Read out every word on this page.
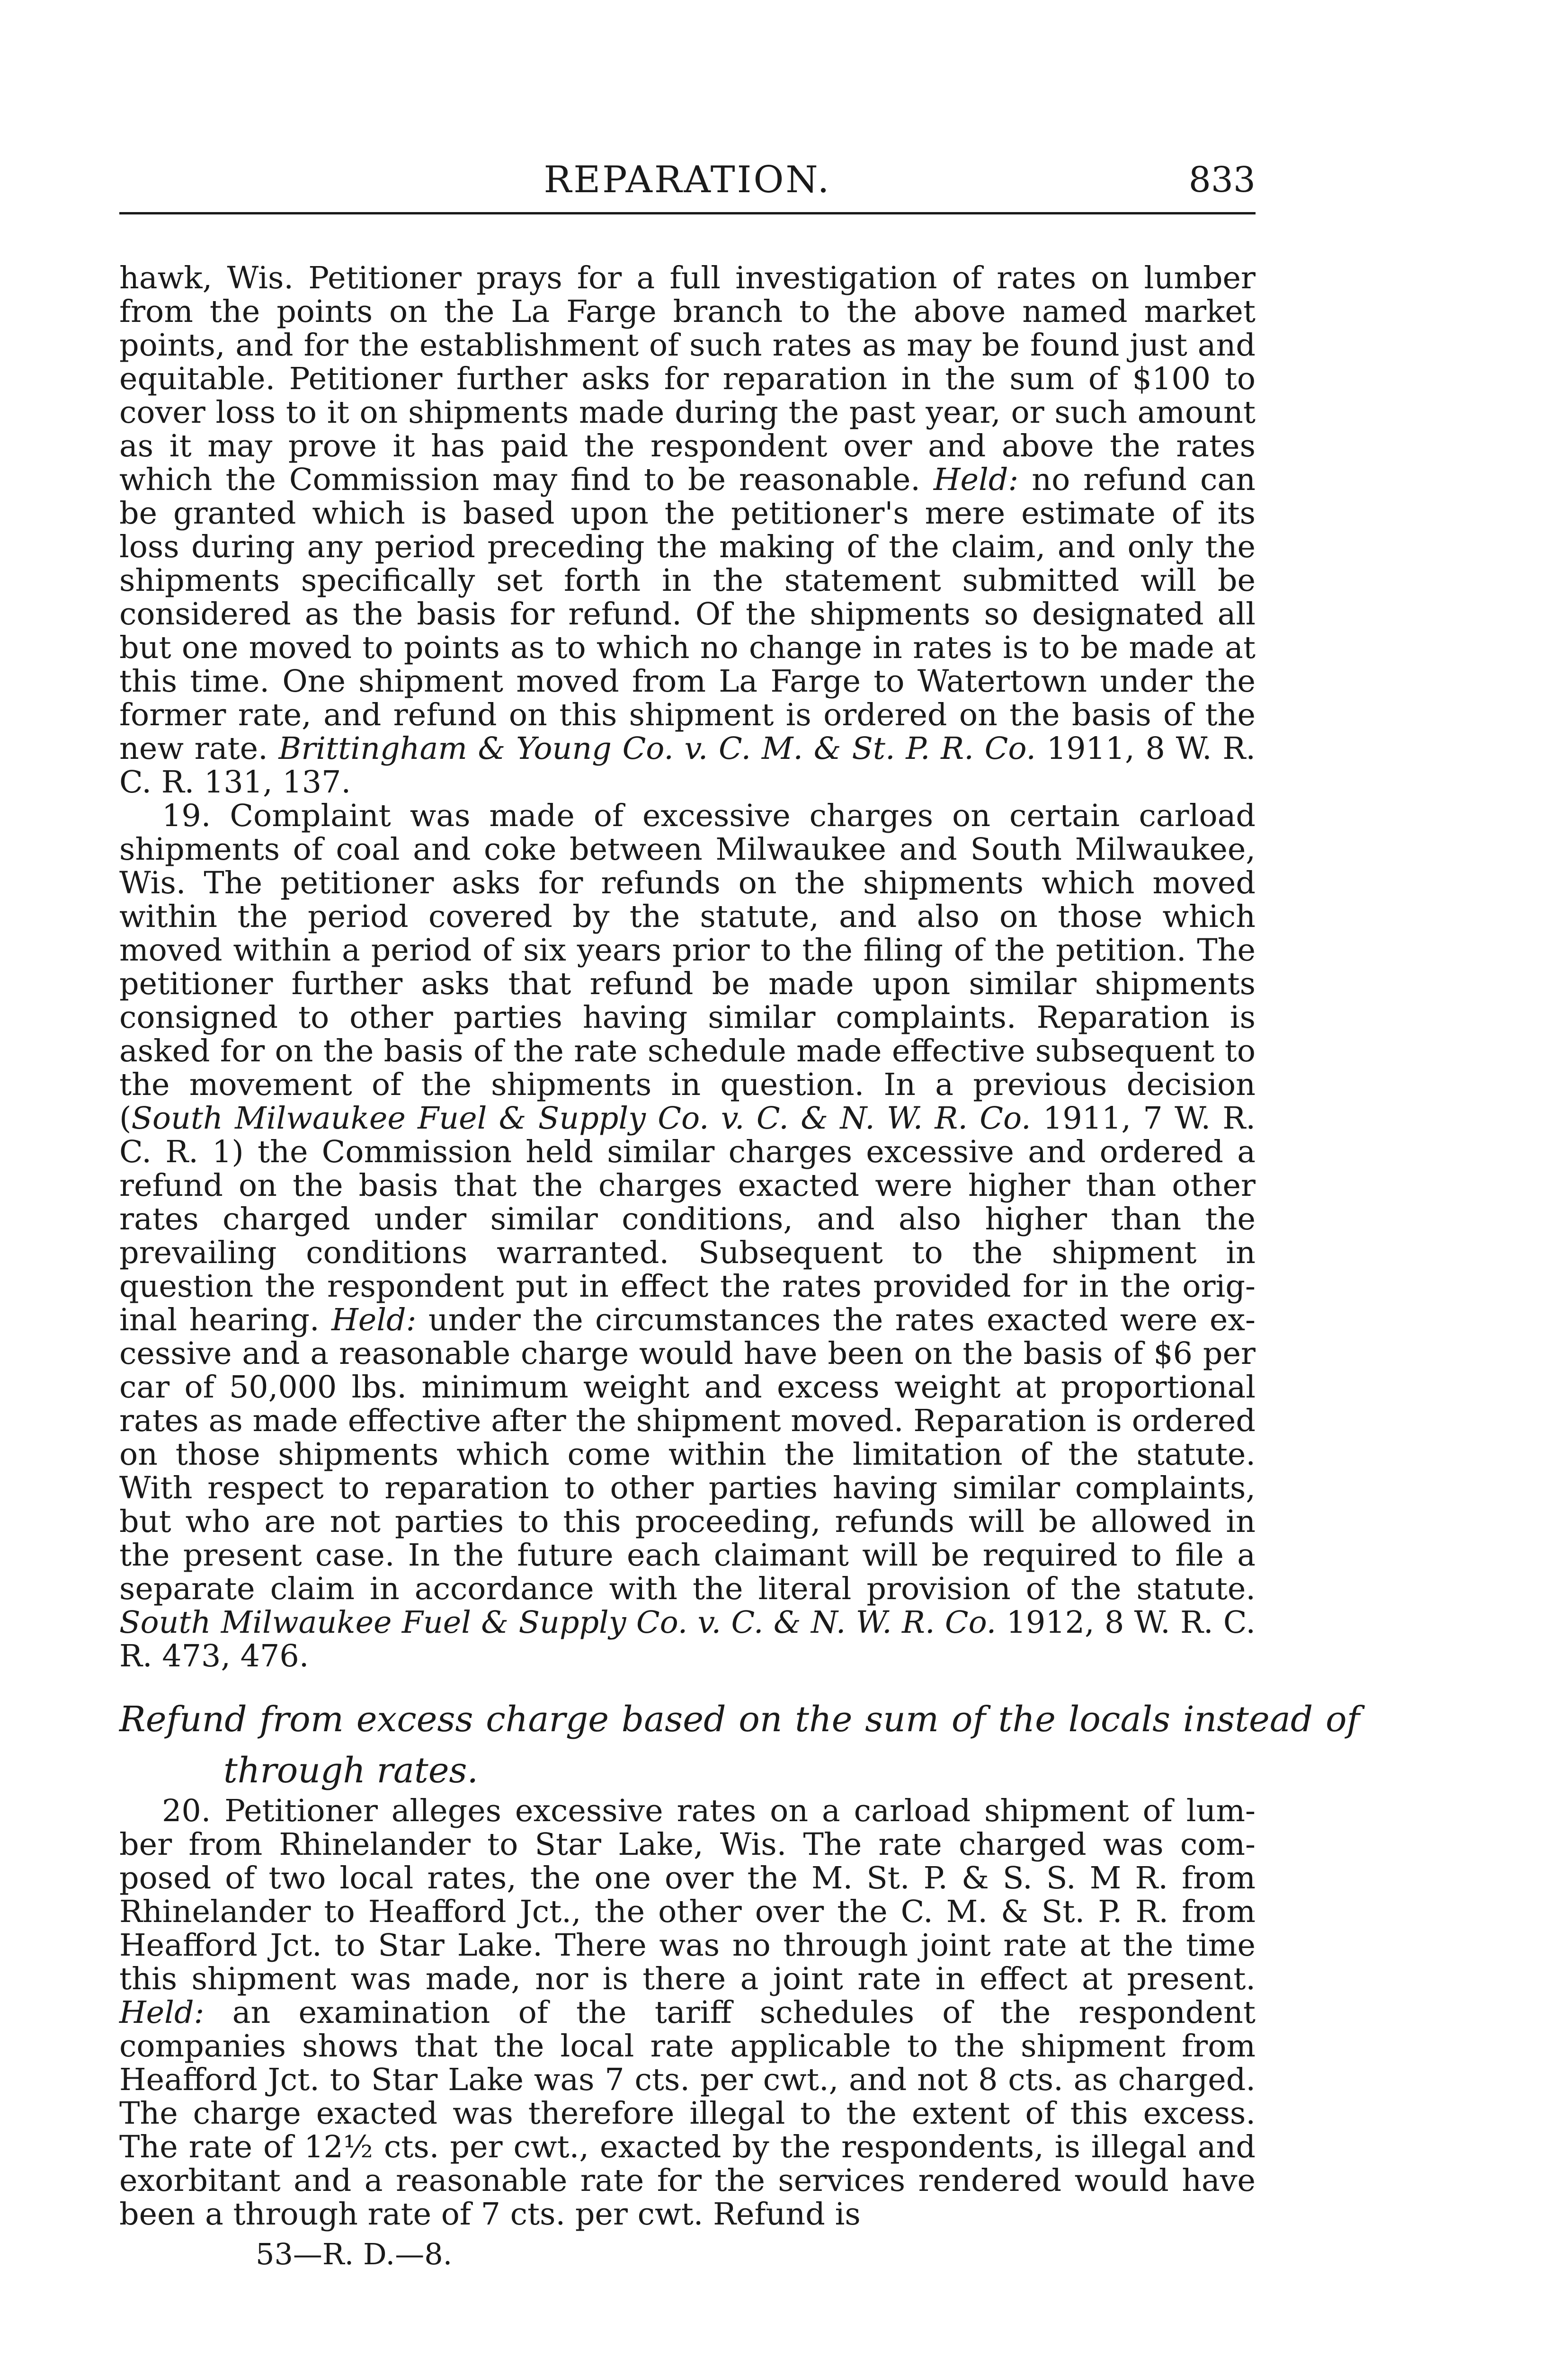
REPARATION.	833

hawk, Wis. Petitioner prays for a full investigation of rates on lumber from the points on the La Farge branch to the above named market points, and for the establishment of such rates as may be found just and equitable. Petitioner further asks for reparation in the sum of $100 to cover loss to it on shipments made during the past year, or such amount as it may prove it has paid the respondent over and above the rates which the Commission may find to be reasonable. Held: no refund can be granted which is based upon the petitioner's mere estimate of its loss during any period preceding the making of the claim, and only the shipments specifically set forth in the statement submitted will be considered as the basis for refund. Of the shipments so designated all but one moved to points as to which no change in rates is to be made at this time. One shipment moved from La Farge to Watertown under the former rate, and refund on this shipment is ordered on the basis of the new rate. Brittingham & Young Co. v. C. M. & St. P. R. Co. 1911, 8 W. R. C. R. 131, 137.

19. Complaint was made of excessive charges on certain carload shipments of coal and coke between Milwaukee and South Milwaukee, Wis. The petitioner asks for refunds on the shipments which moved within the period covered by the statute, and also on those which moved within a period of six years prior to the filing of the petition. The petitioner further asks that refund be made upon similar shipments consigned to other parties having similar complaints. Reparation is asked for on the basis of the rate schedule made effective subsequent to the movement of the shipments in question. In a previous decision (South Milwaukee Fuel & Supply Co. v. C. & N. W. R. Co. 1911, 7 W. R. C. R. 1) the Commission held similar charges excessive and ordered a refund on the basis that the charges exacted were higher than other rates charged under similar conditions, and also higher than the prevailing conditions warranted. Subsequent to the shipment in question the respondent put in effect the rates provided for in the original hearing. Held: under the circumstances the rates exacted were excessive and a reasonable charge would have been on the basis of $6 per car of 50,000 lbs. minimum weight and excess weight at proportional rates as made effective after the shipment moved. Reparation is ordered on those shipments which come within the limitation of the statute. With respect to reparation to other parties having similar complaints, but who are not parties to this proceeding, refunds will be allowed in the present case. In the future each claimant will be required to file a separate claim in accordance with the literal provision of the statute. South Milwaukee Fuel & Supply Co. v. C. & N. W. R. Co. 1912, 8 W. R. C. R. 473, 476.

Refund from excess charge based on the sum of the locals instead of through rates.

20. Petitioner alleges excessive rates on a carload shipment of lumber from Rhinelander to Star Lake, Wis. The rate charged was composed of two local rates, the one over the M. St. P. & S. S. M R. from Rhinelander to Heafford Jct., the other over the C. M. & St. P. R. from Heafford Jct. to Star Lake. There was no through joint rate at the time this shipment was made, nor is there a joint rate in effect at present. Held: an examination of the tariff schedules of the respondent companies shows that the local rate applicable to the shipment from Heafford Jct. to Star Lake was 7 cts. per cwt., and not 8 cts. as charged. The charge exacted was therefore illegal to the extent of this excess. The rate of 12½ cts. per cwt., exacted by the respondents, is illegal and exorbitant and a reasonable rate for the services rendered would have been a through rate of 7 cts. per cwt. Refund is

53—R. D.—8.
